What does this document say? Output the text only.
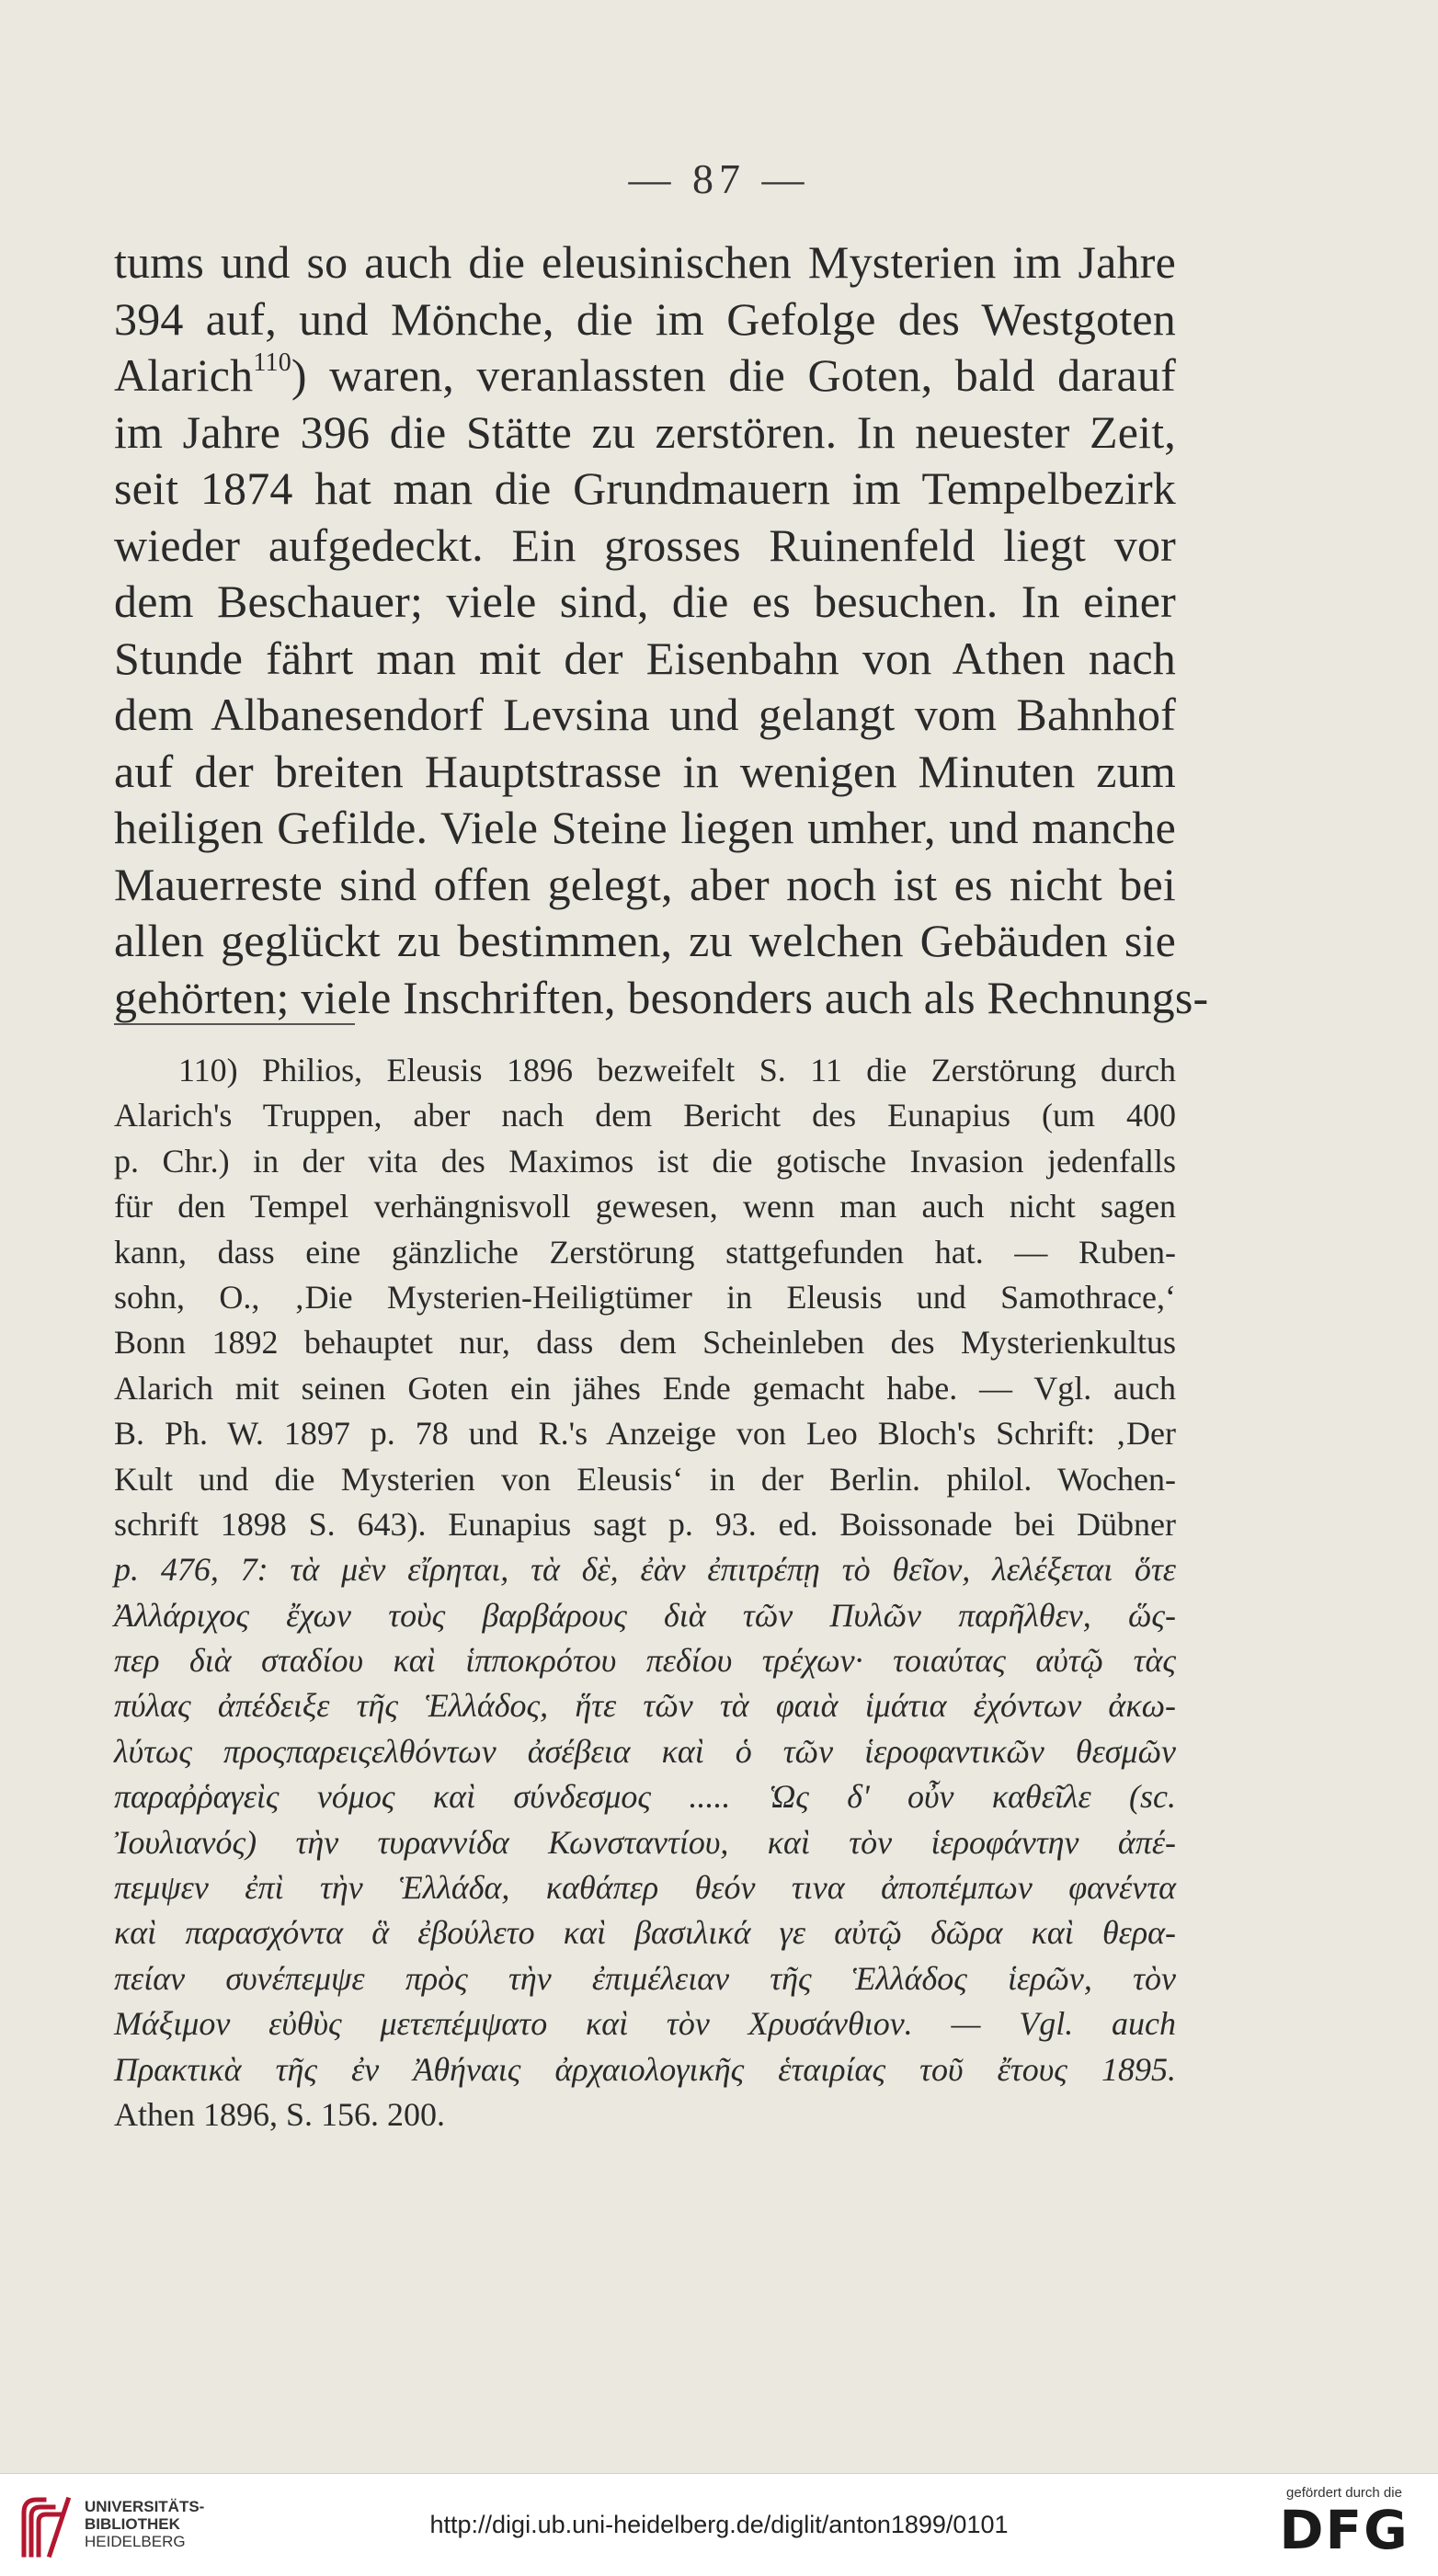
— 87 —
tums und so auch die eleusinischen Mysterien im Jahre
394 auf, und Mönche, die im Gefolge des Westgoten
Alarich$^{110}$) waren, veranlassten die Goten, bald darauf
im Jahre 396 die Stätte zu zerstören. In neuester Zeit,
seit 1874 hat man die Grundmauern im Tempelbezirk
wieder aufgedeckt. Ein grosses Ruinenfeld liegt vor
dem Beschauer; viele sind, die es besuchen. In einer
Stunde fährt man mit der Eisenbahn von Athen nach
dem Albanesendorf Levsina und gelangt vom Bahnhof
auf der breiten Hauptstrasse in wenigen Minuten zum
heiligen Gefilde. Viele Steine liegen umher, und manche
Mauerreste sind offen gelegt, aber noch ist es nicht bei
allen geglückt zu bestimmen, zu welchen Gebäuden sie
gehörten; viele Inschriften, besonders auch als Rechnungs-
110) Philios, Eleusis 1896 bezweifelt S. 11 die Zerstörung durch
Alarich's Truppen, aber nach dem Bericht des Eunapius (um 400
p. Chr.) in der vita des Maximos ist die gotische Invasion jedenfalls
für den Tempel verhängnisvoll gewesen, wenn man auch nicht sagen
kann, dass eine gänzliche Zerstörung stattgefunden hat. — Ruben-
sohn, O., ‚Die Mysterien-Heiligtümer in Eleusis und Samothrace,‘
Bonn 1892 behauptet nur, dass dem Scheinleben des Mysterienkultus
Alarich mit seinen Goten ein jähes Ende gemacht habe. — Vgl. auch
B. Ph. W. 1897 p. 78 und R.'s Anzeige von Leo Bloch's Schrift: ‚Der
Kult und die Mysterien von Eleusis‘ in der Berlin. philol. Wochen-
schrift 1898 S. 643). Eunapius sagt p. 93. ed. Boissonade bei Dübner
p. 476, 7: τὰ μὲν εἴρηται, τὰ δὲ, ἐὰν ἐπιτρέπῃ τὸ θεῖον, λελέξεται ὅτε
Ἀλλάριχος ἔχων τοὺς βαρβάρους διὰ τῶν Πυλῶν παρῆλθεν, ὥς-
περ διὰ σταδίου καὶ ἱπποκρότου πεδίου τρέχων· τοιαύτας αὐτῷ τὰς
πύλας ἀπέδειξε τῆς Ἑλλάδος, ἥτε τῶν τὰ φαιὰ ἱμάτια ἐχόντων ἀκω-
λύτως προςπαρειςελθόντων ἀσέβεια καὶ ὁ τῶν ἱεροφαντικῶν θεσμῶν
παραῤῥαγεὶς νόμος καὶ σύνδεσμος ..... Ὡς δ' οὖν καθεῖλε (sc.
Ἰουλιανός) τὴν τυραννίδα Κωνσταντίου, καὶ τὸν ἱεροφάντην ἀπέ-
πεμψεν ἐπὶ τὴν Ἑλλάδα, καθάπερ θεόν τινα ἀποπέμπων φανέντα
καὶ παρασχόντα ἃ ἐβούλετο καὶ βασιλικά γε αὐτῷ δῶρα καὶ θερα-
πείαν συνέπεμψε πρὸς τὴν ἐπιμέλειαν τῆς Ἑλλάδος ἱερῶν, τὸν
Μάξιμον εὐθὺς μετεπέμψατο καὶ τὸν Χρυσάνθιον. — Vgl. auch
Πρακτικὰ τῆς ἐν Ἀθήναις ἀρχαιολογικῆς ἑταιρίας τοῦ ἔτους 1895.
Athen 1896, S. 156. 200.
UNIVERSITÄTS-
BIBLIOTHEK
HEIDELBERG
http://digi.ub.uni-heidelberg.de/diglit/anton1899/0101
gefördert durch die
DFG
